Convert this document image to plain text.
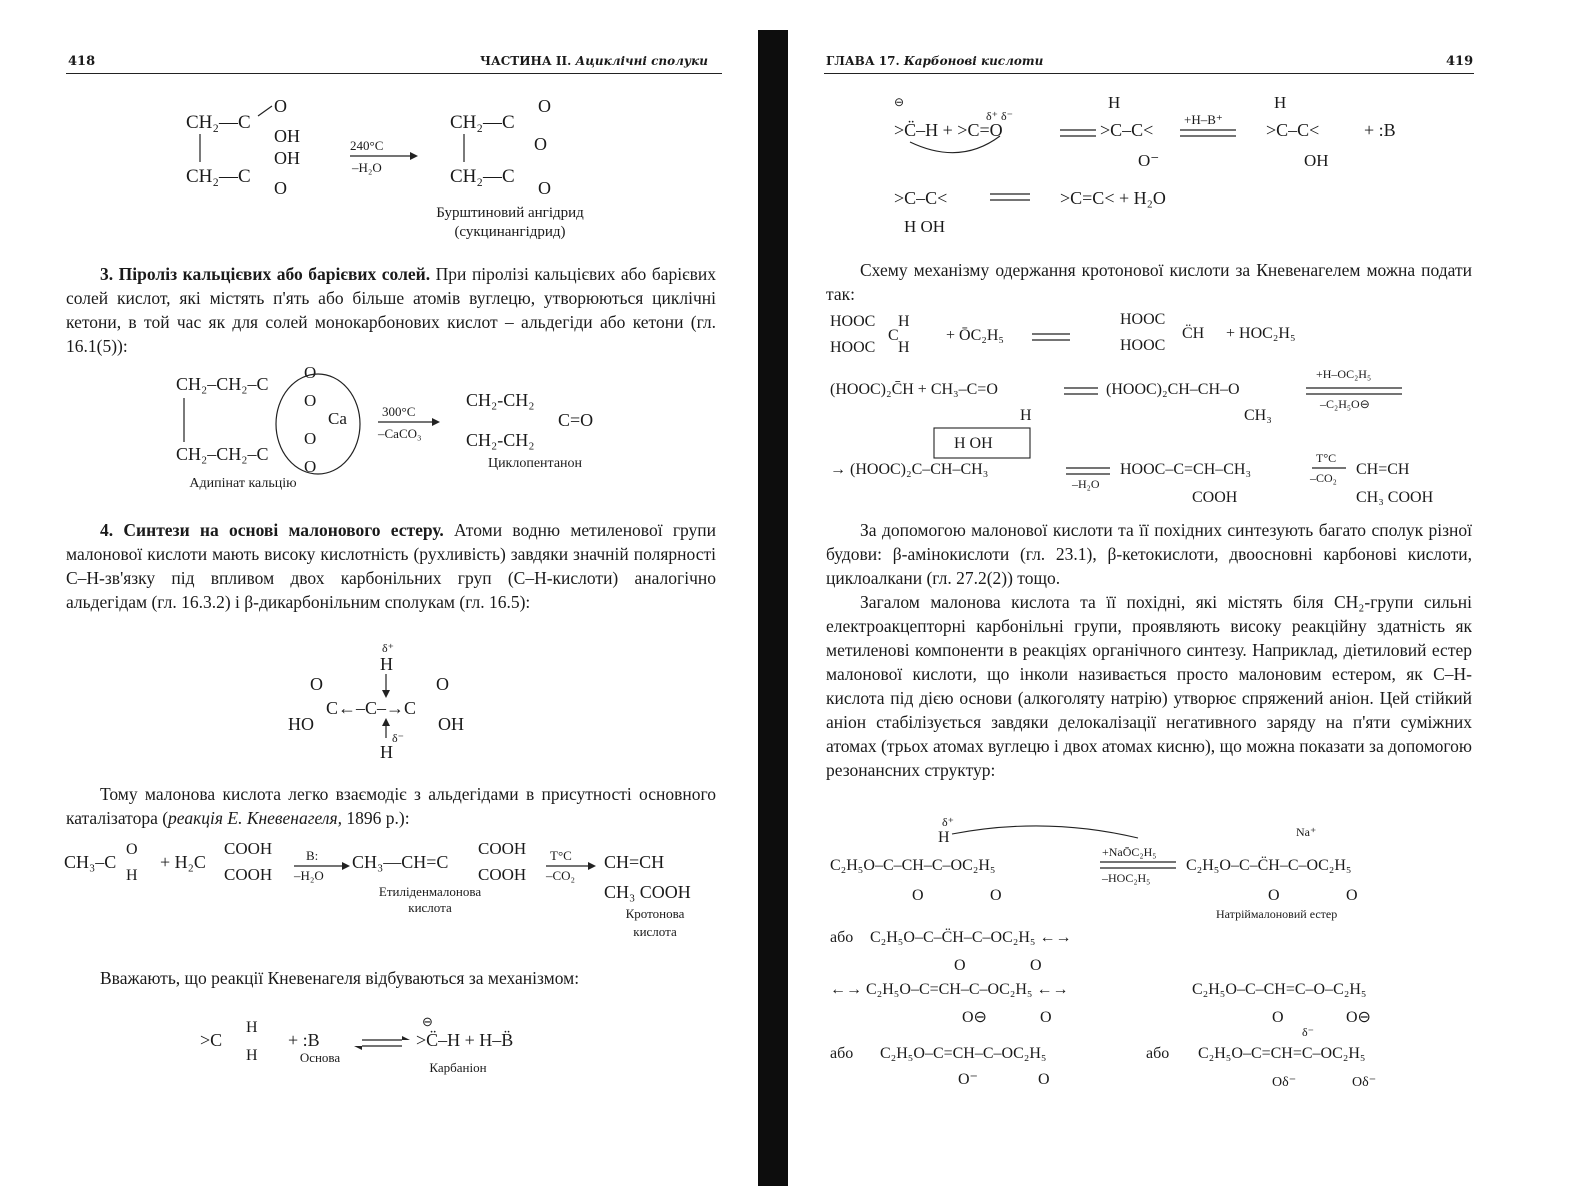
418	ЧАСТИНА II. Ациклічні сполуки
CH₂—C
O
OH
OH
CH₂—C
O
240°C
–H₂O
CH₂—C
O
O
CH₂—C
O
Бурштиновий ангідрид
(сукцинангідрид)

3. Піроліз кальцієвих або барієвих солей. При піролізі кальцієвих або барієвих солей кислот, які містять п'ять або більше атомів вуглецю, утворюються циклічні кетони, в той час як для солей монокарбонових кислот – альдегіди або кетони (гл. 16.1(5)):

CH₂–CH₂–C
O
O
Ca
O
CH₂–CH₂–C
O
300°C
–CaCO₃
CH₂-CH₂
C=O
CH₂-CH₂
Адипінат кальцію
Циклопентанон

4. Синтези на основі малонового естеру. Атоми водню метиленової групи малонової кислоти мають високу кислотність (рухливість) завдяки значній полярності С–Н-зв'язку під впливом двох карбонільних груп (С–Н-кислоти) аналогічно альдегідам (гл. 16.3.2) і β-дикарбонільним сполукам (гл. 16.5):

δ⁺
H
O
HO
C←–C–→C
O
OH
δ⁻
H

Тому малонова кислота легко взаємодіє з альдегідами в присутності основного каталізатора (реакція Е. Кневенагеля, 1896 р.):

CH₃–C
O
H
+ H₂C
COOH
COOH
B:
–H₂O
CH₃—CH=C
COOH
COOH
T°C
–CO₂
CH=CH
CH₃ COOH
Етиліденмалонова
кислота	Кротонова
кислота

Вважають, що реакції Кневенагеля відбуваються за механізмом:

>C
H
H
+ :B
⊖
>C̈–H + H–B̈
Основа
Карбаніон
ГЛАВА 17. Карбонові кислоти	419
⊖
>C̈–H + >C=O
δ⁺ δ⁻
H
>C–C<
O⁻
+H–B⁺
H
>C–C<
OH
+ :B
>C–C<
H OH
>C=C< + H₂O

Схему механізму одержання кротонової кислоти за Кневенагелем можна подати так:

HOOC
HOOC
C
H
H
+ ŌC₂H₅
HOOC
HOOC
C̈H + HOC₂H₅
(HOOC)₂C̄H + CH₃–C=O
H
(HOOC)₂CH–CH–O
CH₃
+H–OC₂H₅
–C₂H₅O⊖
H OH
→ (HOOC)₂C–CH–CH₃
–H₂O
HOOC–C=CH–CH₃
COOH
T°C
–CO₂ CH=CH
CH₃ COOH

За допомогою малонової кислоти та її похідних синтезують багато сполук різної будови: β-амінокислоти (гл. 23.1), β-кетокислоти, двоосновні карбонові кислоти, циклоалкани (гл. 27.2(2)) тощо.

Загалом малонова кислота та її похідні, які містять біля СН₂-групи сильні електроакцепторні карбонільні групи, проявляють високу реакційну здатність як метиленові компоненти в реакціях органічного синтезу. Наприклад, діетиловий естер малонової кислоти, що інколи називається просто малоновим естером, як С–Н-кислота під дією основи (алкоголяту натрію) утворює спряжений аніон. Цей стійкий аніон стабілізується завдяки делокалізації негативного заряду на п'яти суміжних атомах (трьох атомах вуглецю і двох атомах кисню), що можна показати за допомогою резонансних структур:

δ⁺
H
C₂H₅O–C–CH–C–OC₂H₅
O	O
+NaŌC₂H₅
–HOC₂H₅
Na⁺
C₂H₅O–C–C̈H–C–OC₂H₅
O	O
Натріймалоновий естер
або C₂H₅O–C–C̈H–C–OC₂H₅ ←→
O	O
←→ C₂H₅O–C=CH–C–OC₂H₅ ←→	C₂H₅O–C–CH=C–O–C₂H₅
O⊖	O	O	O⊖
або C₂H₅O–C=CH–C–OC₂H₅
O⁻	O
або C₂H₅O–C=CH=C–OC₂H₅
δ⁻
Oδ⁻	Oδ⁻
